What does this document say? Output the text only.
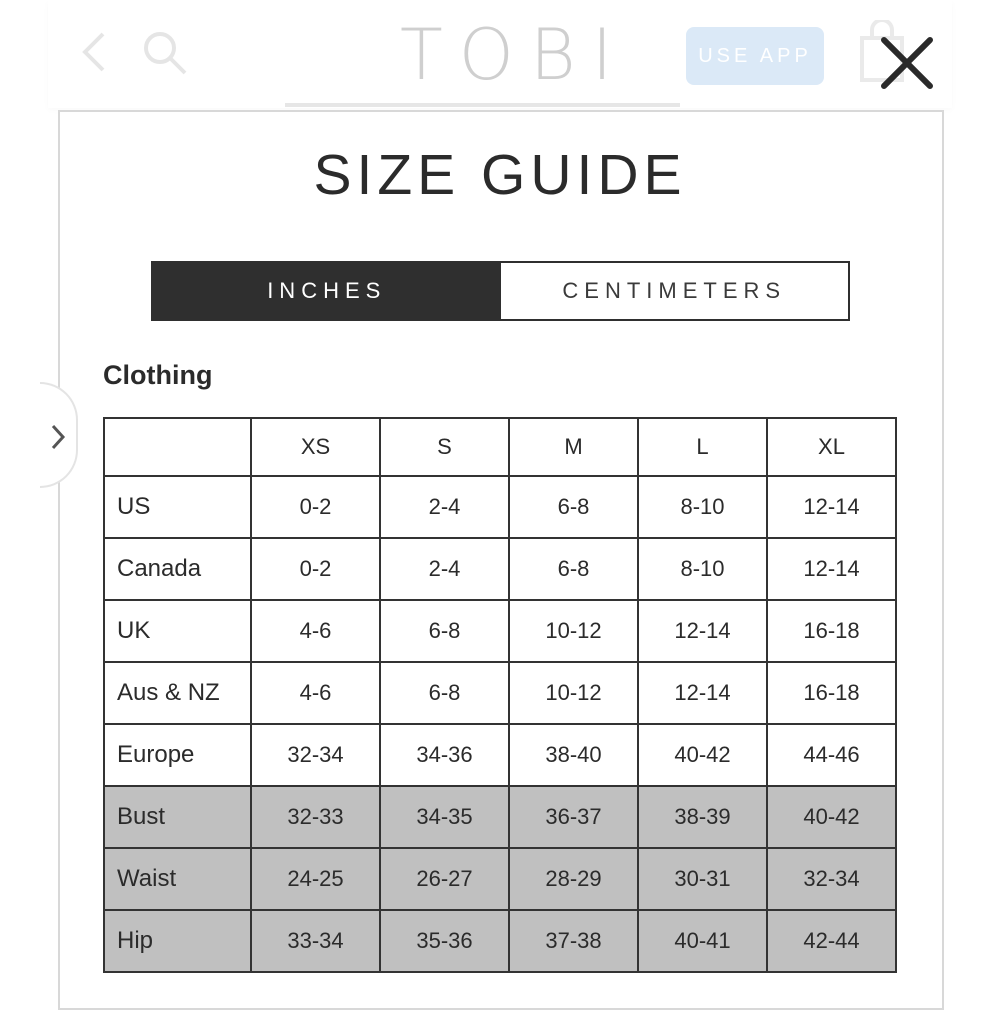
TOBI	USE APP
SIZE GUIDE
INCHES	CENTIMETERS
Clothing
	XS	S	M	L	XL
US	0-2	2-4	6-8	8-10	12-14
Canada	0-2	2-4	6-8	8-10	12-14
UK	4-6	6-8	10-12	12-14	16-18
Aus & NZ	4-6	6-8	10-12	12-14	16-18
Europe	32-34	34-36	38-40	40-42	44-46
Bust	32-33	34-35	36-37	38-39	40-42
Waist	24-25	26-27	28-29	30-31	32-34
Hip	33-34	35-36	37-38	40-41	42-44
